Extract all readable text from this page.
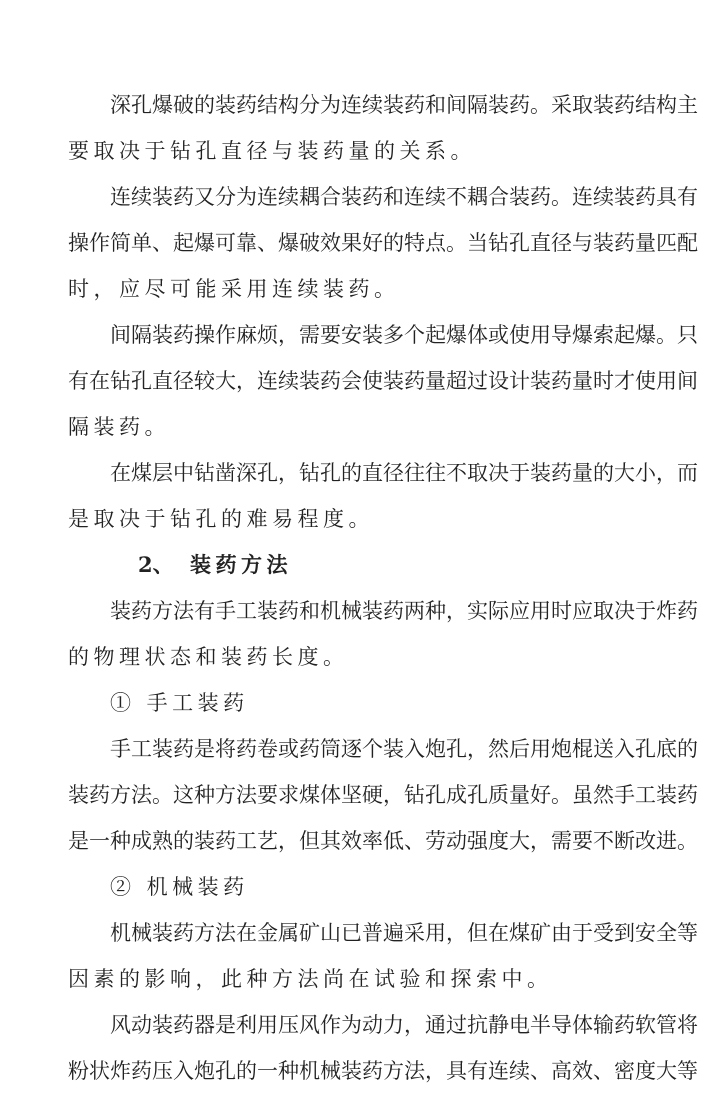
深孔爆破的装药结构分为连续装药和间隔装药。采取装药结构主
要取决于钻孔直径与装药量的关系。
连续装药又分为连续耦合装药和连续不耦合装药。连续装药具有
操作简单、起爆可靠、爆破效果好的特点。当钻孔直径与装药量匹配
时，应尽可能采用连续装药。
间隔装药操作麻烦，需要安装多个起爆体或使用导爆索起爆。只
有在钻孔直径较大，连续装药会使装药量超过设计装药量时才使用间
隔装药。
在煤层中钻凿深孔，钻孔的直径往往不取决于装药量的大小，而
是取决于钻孔的难易程度。
2、 装药方法
装药方法有手工装药和机械装药两种，实际应用时应取决于炸药
的物理状态和装药长度。
① 手工装药
手工装药是将药卷或药筒逐个装入炮孔，然后用炮棍送入孔底的
装药方法。这种方法要求煤体坚硬，钻孔成孔质量好。虽然手工装药
是一种成熟的装药工艺，但其效率低、劳动强度大，需要不断改进。
② 机械装药
机械装药方法在金属矿山已普遍采用，但在煤矿由于受到安全等
因素的影响，此种方法尚在试验和探索中。
风动装药器是利用压风作为动力，通过抗静电半导体输药软管将
粉状炸药压入炮孔的一种机械装药方法，具有连续、高效、密度大等
